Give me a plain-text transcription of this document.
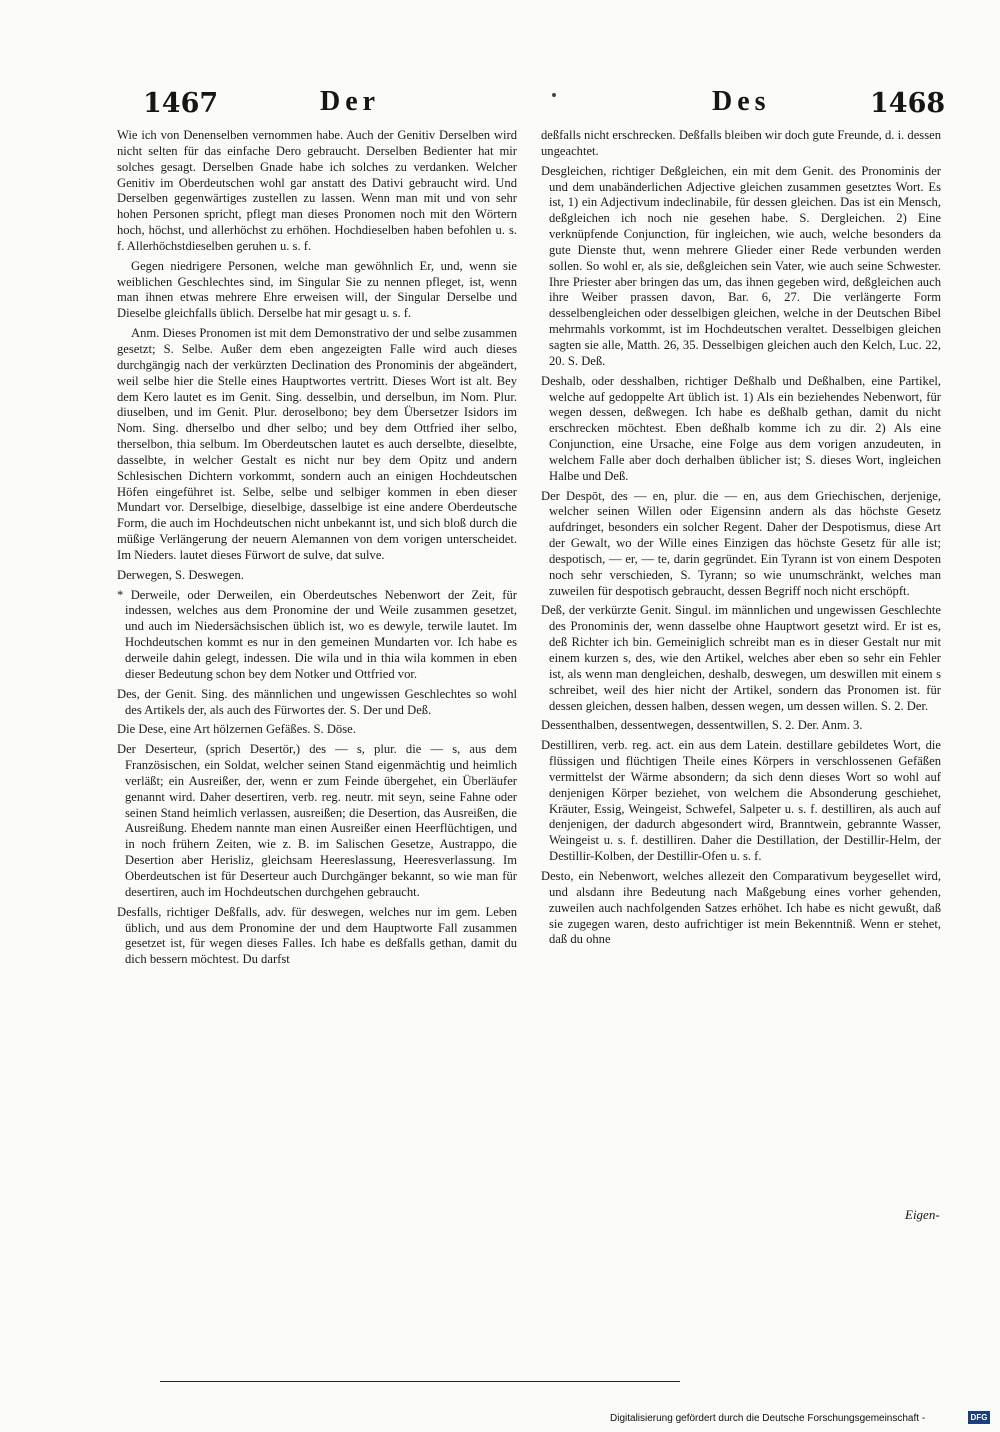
1467	Der	Des	1468

Wie ich von Denenselben vernommen habe. Auch der Genitiv Derselben wird nicht selten für das einfache Dero gebraucht. Derselben Bedienter hat mir solches gesagt. Derselben Gnade habe ich solches zu verdanken. Welcher Genitiv im Oberdeutschen wohl gar anstatt des Dativi gebraucht wird. Und Derselben gegenwärtiges zustellen zu lassen. Wenn man mit und von sehr hohen Personen spricht, pflegt man dieses Pronomen noch mit den Wörtern hoch, höchst, und allerhöchst zu erhöhen. Hochdieselben haben befohlen u. s. f. Allerhöchstdieselben geruhen u. s. f.

Gegen niedrigere Personen, welche man gewöhnlich Er, und, wenn sie weiblichen Geschlechtes sind, im Singular Sie zu nennen pfleget, ist, wenn man ihnen etwas mehrere Ehre erweisen will, der Singular Derselbe und Dieselbe gleichfalls üblich. Derselbe hat mir gesagt u. s. f.

Anm. Dieses Pronomen ist mit dem Demonstrativo der und selbe zusammen gesetzt; S. Selbe. Außer dem eben angezeigten Falle wird auch dieses durchgängig nach der verkürzten Declination des Pronominis der abgeändert, weil selbe hier die Stelle eines Hauptwortes vertritt. Dieses Wort ist alt. Bey dem Kero lautet es im Genit. Sing. desselbin, und derselbun, im Nom. Plur. diuselben, und im Genit. Plur. deroselbono; bey dem Übersetzer Isidors im Nom. Sing. dherselbo und dher selbo; und bey dem Ottfried iher selbo, therselbon, thia selbum. Im Oberdeutschen lautet es auch derselbte, dieselbte, dasselbte, in welcher Gestalt es nicht nur bey dem Opitz und andern Schlesischen Dichtern vorkommt, sondern auch an einigen Hochdeutschen Höfen eingeführet ist. Selbe, selbe und selbiger kommen in eben dieser Mundart vor. Derselbige, dieselbige, dasselbige ist eine andere Oberdeutsche Form, die auch im Hochdeutschen nicht unbekannt ist, und sich bloß durch die müßige Verlängerung der neuern Alemannen von dem vorigen unterscheidet. Im Nieders. lautet dieses Fürwort de sulve, dat sulve.

Derwegen, S. Deswegen.

* Derweile, oder Derweilen, ein Oberdeutsches Nebenwort der Zeit, für indessen, welches aus dem Pronomine der und Weile zusammen gesetzet, und auch im Niedersächsischen üblich ist, wo es dewyle, terwile lautet. Im Hochdeutschen kommt es nur in den gemeinen Mundarten vor. Ich habe es derweile dahin gelegt, indessen. Die wila und in thia wila kommen in eben dieser Bedeutung schon bey dem Notker und Ottfried vor.

Des, der Genit. Sing. des männlichen und ungewissen Geschlechtes so wohl des Artikels der, als auch des Fürwortes der. S. Der und Deß.

Die Dese, eine Art hölzernen Gefäßes. S. Döse.

Der Deserteur, (sprich Desertör,) des — s, plur. die — s, aus dem Französischen, ein Soldat, welcher seinen Stand eigenmächtig und heimlich verläßt; ein Ausreißer, der, wenn er zum Feinde übergehet, ein Überläufer genannt wird. Daher desertiren, verb. reg. neutr. mit seyn, seine Fahne oder seinen Stand heimlich verlassen, ausreißen; die Desertion, das Ausreißen, die Ausreißung. Ehedem nannte man einen Ausreißer einen Heerflüchtigen, und in noch frühern Zeiten, wie z. B. im Salischen Gesetze, Austrappo, die Desertion aber Herisliz, gleichsam Heereslassung, Heeresverlassung. Im Oberdeutschen ist für Deserteur auch Durchgänger bekannt, so wie man für desertiren, auch im Hochdeutschen durchgehen gebraucht.

Desfalls, richtiger Deßfalls, adv. für deswegen, welches nur im gem. Leben üblich, und aus dem Pronomine der und dem Hauptworte Fall zusammen gesetzet ist, für wegen dieses Falles. Ich habe es deßfalls gethan, damit du dich bessern möchtest. Du darfst

deßfalls nicht erschrecken. Deßfalls bleiben wir doch gute Freunde, d. i. dessen ungeachtet.

Desgleichen, richtiger Deßgleichen, ein mit dem Genit. des Pronominis der und dem unabänderlichen Adjective gleichen zusammen gesetztes Wort. Es ist, 1) ein Adjectivum indeclinabile, für dessen gleichen. Das ist ein Mensch, deßgleichen ich noch nie gesehen habe. S. Dergleichen. 2) Eine verknüpfende Conjunction, für ingleichen, wie auch, welche besonders da gute Dienste thut, wenn mehrere Glieder einer Rede verbunden werden sollen. So wohl er, als sie, deßgleichen sein Vater, wie auch seine Schwester. Ihre Priester aber bringen das um, das ihnen gegeben wird, deßgleichen auch ihre Weiber prassen davon, Bar. 6, 27. Die verlängerte Form desselbengleichen oder desselbigen gleichen, welche in der Deutschen Bibel mehrmahls vorkommt, ist im Hochdeutschen veraltet. Desselbigen gleichen sagten sie alle, Matth. 26, 35. Desselbigen gleichen auch den Kelch, Luc. 22, 20. S. Deß.

Deshalb, oder desshalben, richtiger Deßhalb und Deßhalben, eine Partikel, welche auf gedoppelte Art üblich ist. 1) Als ein beziehendes Nebenwort, für wegen dessen, deßwegen. Ich habe es deßhalb gethan, damit du nicht erschrecken möchtest. Eben deßhalb komme ich zu dir. 2) Als eine Conjunction, eine Ursache, eine Folge aus dem vorigen anzudeuten, in welchem Falle aber doch derhalben üblicher ist; S. dieses Wort, ingleichen Halbe und Deß.

Der Despōt, des — en, plur. die — en, aus dem Griechischen, derjenige, welcher seinen Willen oder Eigensinn andern als das höchste Gesetz aufdringet, besonders ein solcher Regent. Daher der Despotismus, diese Art der Gewalt, wo der Wille eines Einzigen das höchste Gesetz für alle ist; despotisch, — er, — te, darin gegründet. Ein Tyrann ist von einem Despoten noch sehr verschieden, S. Tyrann; so wie unumschränkt, welches man zuweilen für despotisch gebraucht, dessen Begriff noch nicht erschöpft.

Deß, der verkürzte Genit. Singul. im männlichen und ungewissen Geschlechte des Pronominis der, wenn dasselbe ohne Hauptwort gesetzt wird. Er ist es, deß Richter ich bin. Gemeiniglich schreibt man es in dieser Gestalt nur mit einem kurzen s, des, wie den Artikel, welches aber eben so sehr ein Fehler ist, als wenn man dengleichen, deshalb, deswegen, um deswillen mit einem s schreibet, weil des hier nicht der Artikel, sondern das Pronomen ist. für dessen gleichen, dessen halben, dessen wegen, um dessen willen. S. 2. Der.

Dessenthalben, dessentwegen, dessentwillen, S. 2. Der. Anm. 3.

Destilliren, verb. reg. act. ein aus dem Latein. destillare gebildetes Wort, die flüssigen und flüchtigen Theile eines Körpers in verschlossenen Gefäßen vermittelst der Wärme absondern; da sich denn dieses Wort so wohl auf denjenigen Körper beziehet, von welchem die Absonderung geschiehet, Kräuter, Essig, Weingeist, Schwefel, Salpeter u. s. f. destilliren, als auch auf denjenigen, der dadurch abgesondert wird, Branntwein, gebrannte Wasser, Weingeist u. s. f. destilliren. Daher die Destillation, der Destillir-Helm, der Destillir-Kolben, der Destillir-Ofen u. s. f.

Desto, ein Nebenwort, welches allezeit den Comparativum beygesellet wird, und alsdann ihre Bedeutung nach Maßgebung eines vorher gehenden, zuweilen auch nachfolgenden Satzes erhöhet. Ich habe es nicht gewußt, daß sie zugegen waren, desto aufrichtiger ist mein Bekenntniß. Wenn er stehet, daß du ohne

Eigen-
Digitalisierung gefördert durch die Deutsche Forschungsgemeinschaft -	DFG
